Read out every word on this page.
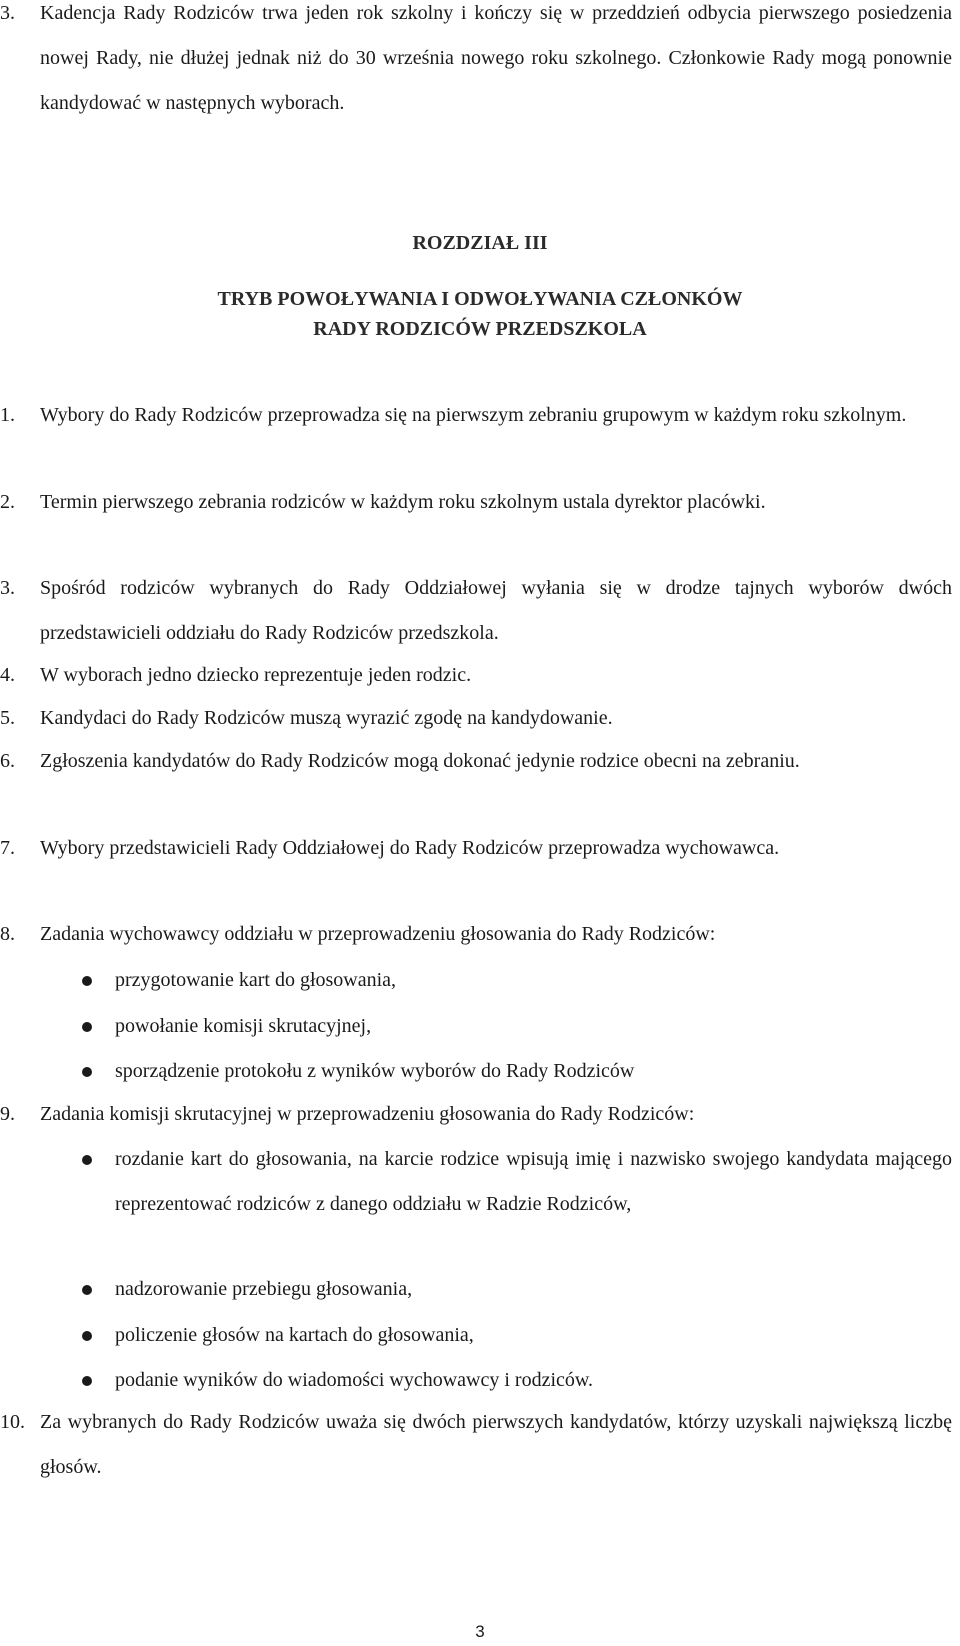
3.	Kadencja Rady Rodziców trwa jeden rok szkolny i kończy się w przeddzień odbycia pierwszego posiedzenia nowej Rady, nie dłużej jednak niż do 30 września nowego roku szkolnego. Członkowie Rady mogą ponownie kandydować w następnych wyborach.
ROZDZIAŁ III
TRYB POWOŁYWANIA I ODWOŁYWANIA CZŁONKÓW
RADY RODZICÓW PRZEDSZKOLA
1.	Wybory do Rady Rodziców przeprowadza się na pierwszym zebraniu grupowym w każdym roku szkolnym.
2.	Termin pierwszego zebrania rodziców w każdym roku szkolnym ustala dyrektor placówki.
3.	Spośród rodziców wybranych do Rady Oddziałowej wyłania się w drodze tajnych wyborów dwóch przedstawicieli oddziału do Rady Rodziców przedszkola.
4.	W wyborach jedno dziecko reprezentuje jeden rodzic.
5.	Kandydaci do Rady Rodziców muszą wyrazić zgodę na kandydowanie.
6.	Zgłoszenia kandydatów do Rady Rodziców mogą dokonać jedynie rodzice obecni na zebraniu.
7.	Wybory przedstawicieli Rady Oddziałowej do Rady Rodziców przeprowadza wychowawca.
8.	Zadania wychowawcy oddziału w przeprowadzeniu głosowania do Rady Rodziców:
przygotowanie kart do głosowania,
powołanie komisji skrutacyjnej,
sporządzenie protokołu z wyników wyborów do Rady Rodziców
9.	Zadania komisji skrutacyjnej w przeprowadzeniu głosowania do Rady Rodziców:
rozdanie kart do głosowania, na karcie rodzice wpisują imię i nazwisko swojego kandydata mającego reprezentować rodziców z danego oddziału w Radzie Rodziców,
nadzorowanie przebiegu głosowania,
policzenie głosów na kartach do głosowania,
podanie wyników do wiadomości wychowawcy i rodziców.
10. Za wybranych do Rady Rodziców uważa się dwóch pierwszych kandydatów, którzy uzyskali największą liczbę głosów.
3
